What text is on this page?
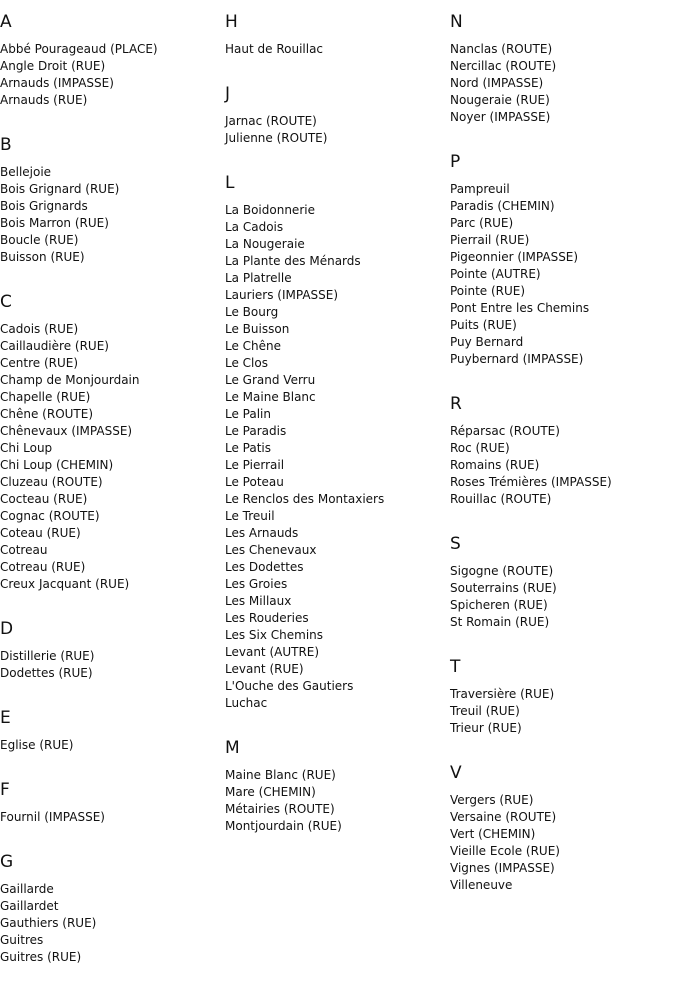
A
Abbé Pourageaud (PLACE)
Angle Droit (RUE)
Arnauds (IMPASSE)
Arnauds (RUE)
B
Bellejoie
Bois Grignard (RUE)
Bois Grignards
Bois Marron (RUE)
Boucle (RUE)
Buisson (RUE)
C
Cadois (RUE)
Caillaudière (RUE)
Centre (RUE)
Champ de Monjourdain
Chapelle (RUE)
Chêne (ROUTE)
Chênevaux (IMPASSE)
Chi Loup
Chi Loup (CHEMIN)
Cluzeau (ROUTE)
Cocteau (RUE)
Cognac (ROUTE)
Coteau (RUE)
Cotreau
Cotreau (RUE)
Creux Jacquant (RUE)
D
Distillerie (RUE)
Dodettes (RUE)
E
Eglise (RUE)
F
Fournil (IMPASSE)
G
Gaillarde
Gaillardet
Gauthiers (RUE)
Guitres
Guitres (RUE)
H
Haut de Rouillac
J
Jarnac (ROUTE)
Julienne (ROUTE)
L
La Boidonnerie
La Cadois
La Nougeraie
La Plante des Ménards
La Platrelle
Lauriers (IMPASSE)
Le Bourg
Le Buisson
Le Chêne
Le Clos
Le Grand Verru
Le Maine Blanc
Le Palin
Le Paradis
Le Patis
Le Pierrail
Le Poteau
Le Renclos des Montaxiers
Le Treuil
Les Arnauds
Les Chenevaux
Les Dodettes
Les Groies
Les Millaux
Les Rouderies
Les Six Chemins
Levant (AUTRE)
Levant (RUE)
L'Ouche des Gautiers
Luchac
M
Maine Blanc (RUE)
Mare (CHEMIN)
Métairies (ROUTE)
Montjourdain (RUE)
N
Nanclas (ROUTE)
Nercillac (ROUTE)
Nord (IMPASSE)
Nougeraie (RUE)
Noyer (IMPASSE)
P
Pampreuil
Paradis (CHEMIN)
Parc (RUE)
Pierrail (RUE)
Pigeonnier (IMPASSE)
Pointe (AUTRE)
Pointe (RUE)
Pont Entre les Chemins
Puits (RUE)
Puy Bernard
Puybernard (IMPASSE)
R
Réparsac (ROUTE)
Roc (RUE)
Romains (RUE)
Roses Trémières (IMPASSE)
Rouillac (ROUTE)
S
Sigogne (ROUTE)
Souterrains (RUE)
Spicheren (RUE)
St Romain (RUE)
T
Traversière (RUE)
Treuil (RUE)
Trieur (RUE)
V
Vergers (RUE)
Versaine (ROUTE)
Vert (CHEMIN)
Vieille Ecole (RUE)
Vignes (IMPASSE)
Villeneuve
